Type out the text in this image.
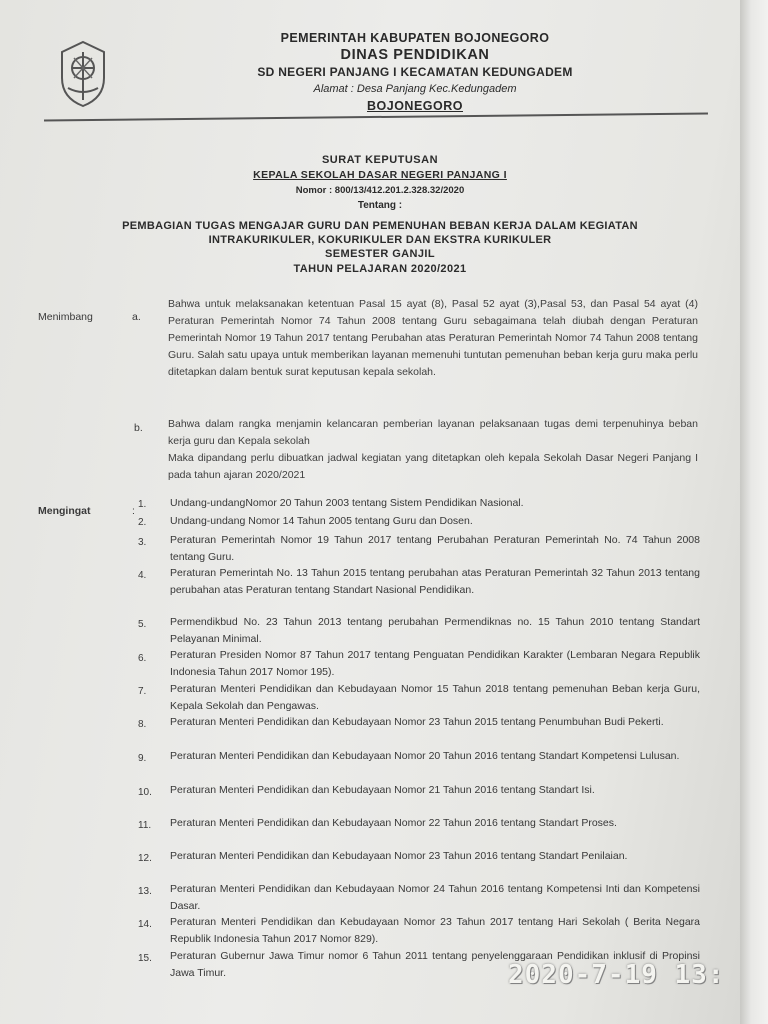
PEMERINTAH KABUPATEN BOJONEGORO
DINAS PENDIDIKAN
SD NEGERI PANJANG I KECAMATAN KEDUNGADEM
Alamat : Desa Panjang Kec.Kedungadem
BOJONEGORO
SURAT KEPUTUSAN
KEPALA SEKOLAH DASAR NEGERI PANJANG I
Nomor : 800/13/412.201.2.328.32/2020
Tentang :
PEMBAGIAN TUGAS MENGAJAR GURU DAN PEMENUHAN BEBAN KERJA DALAM KEGIATAN
INTRAKURIKULER, KOKURIKULER DAN EKSTRA KURIKULER
SEMESTER GANJIL
TAHUN PELAJARAN 2020/2021
Menimbang	a.
Bahwa untuk melaksanakan ketentuan Pasal 15 ayat (8), Pasal 52 ayat (3),Pasal 53, dan Pasal 54 ayat (4) Peraturan Pemerintah Nomor 74 Tahun 2008 tentang Guru sebagaimana telah diubah dengan Peraturan Pemerintah Nomor 19 Tahun 2017 tentang Perubahan atas Peraturan Pemerintah Nomor 74 Tahun 2008 tentang Guru. Salah satu upaya untuk memberikan layanan memenuhi tuntutan pemenuhan beban kerja guru maka perlu ditetapkan dalam bentuk surat keputusan kepala sekolah.
b. Bahwa dalam rangka menjamin kelancaran pemberian layanan pelaksanaan tugas demi terpenuhinya beban kerja guru dan Kepala sekolah
Maka dipandang perlu dibuatkan jadwal kegiatan yang ditetapkan oleh kepala Sekolah Dasar Negeri Panjang I pada tahun ajaran 2020/2021
Mengingat	:
1. Undang-undangNomor 20 Tahun 2003 tentang Sistem Pendidikan Nasional.
2. Undang-undang Nomor 14 Tahun 2005 tentang Guru dan Dosen.
3. Peraturan Pemerintah Nomor 19 Tahun 2017 tentang Perubahan Peraturan Pemerintah No. 74 Tahun 2008 tentang Guru.
4. Peraturan Pemerintah No. 13 Tahun 2015 tentang perubahan atas Peraturan Pemerintah 32 Tahun 2013 tentang perubahan atas Peraturan tentang Standart Nasional Pendidikan.
5. Permendikbud No. 23 Tahun 2013 tentang perubahan Permendiknas no. 15 Tahun 2010 tentang Standart Pelayanan Minimal.
6. Peraturan Presiden Nomor 87 Tahun 2017 tentang Penguatan Pendidikan Karakter (Lembaran Negara Republik Indonesia Tahun 2017 Nomor 195).
7. Peraturan Menteri Pendidikan dan Kebudayaan Nomor 15 Tahun 2018 tentang pemenuhan Beban kerja Guru, Kepala Sekolah dan Pengawas.
8. Peraturan Menteri Pendidikan dan Kebudayaan Nomor 23 Tahun 2015 tentang Penumbuhan Budi Pekerti.
9. Peraturan Menteri Pendidikan dan Kebudayaan Nomor 20 Tahun 2016 tentang Standart Kompetensi Lulusan.
10. Peraturan Menteri Pendidikan dan Kebudayaan Nomor 21 Tahun 2016 tentang Standart Isi.
11. Peraturan Menteri Pendidikan dan Kebudayaan Nomor 22 Tahun 2016 tentang Standart Proses.
12. Peraturan Menteri Pendidikan dan Kebudayaan Nomor 23 Tahun 2016 tentang Standart Penilaian.
13. Peraturan Menteri Pendidikan dan Kebudayaan Nomor 24 Tahun 2016 tentang Kompetensi Inti dan Kompetensi Dasar.
14. Peraturan Menteri Pendidikan dan Kebudayaan Nomor 23 Tahun 2017 tentang Hari Sekolah ( Berita Negara Republik Indonesia Tahun 2017 Nomor 829).
15. Peraturan Gubernur Jawa Timur nomor 6 Tahun 2011 tentang penyelenggaraan Pendidikan inklusif di Propinsi Jawa Timur.	2020-7-19 13:
